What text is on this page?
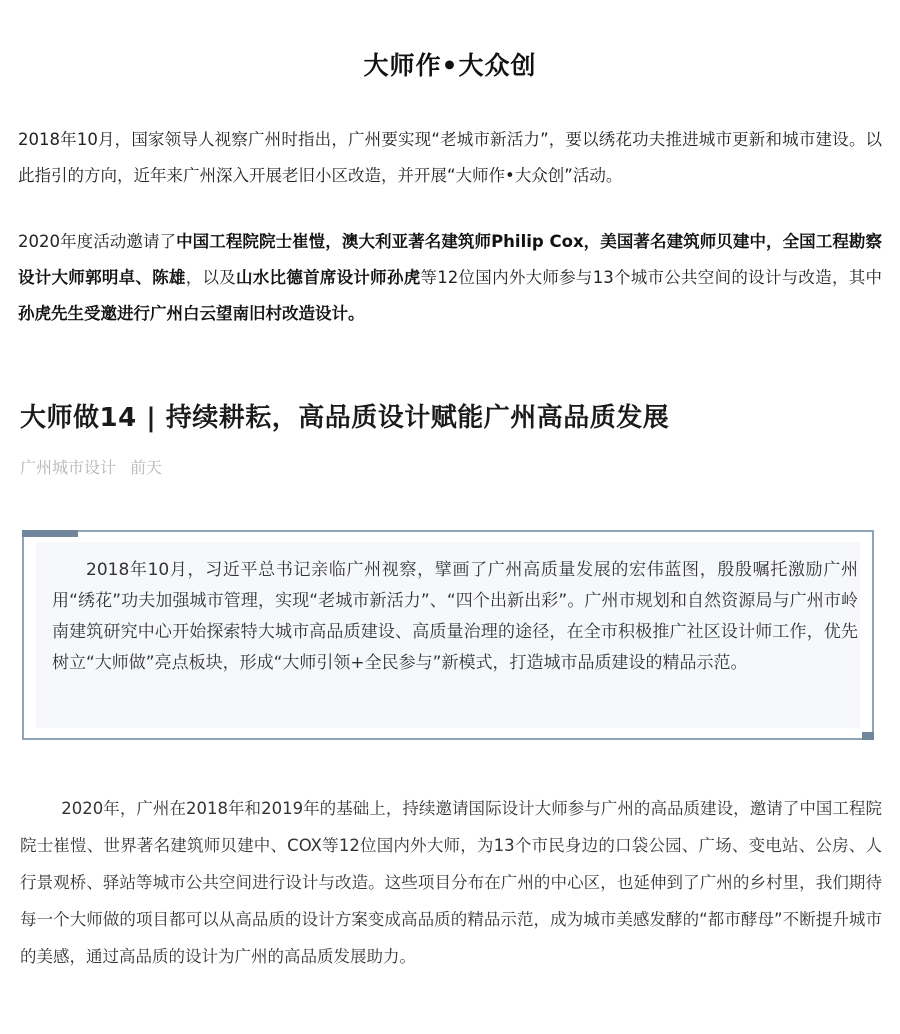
大师作•大众创

2018年10月，国家领导人视察广州时指出，广州要实现“老城市新活力”，要以绣花功夫推进城市更新和城市建设。以此指引的方向，近年来广州深入开展老旧小区改造，并开展“大师作•大众创”活动。

2020年度活动邀请了中国工程院院士崔愷，澳大利亚著名建筑师Philip Cox，美国著名建筑师贝建中，全国工程勘察设计大师郭明卓、陈雄，以及山水比德首席设计师孙虎等12位国内外大师参与13个城市公共空间的设计与改造，其中孙虎先生受邀进行广州白云望南旧村改造设计。

大师做14 | 持续耕耘，高品质设计赋能广州高品质发展
广州城市设计 前天

2018年10月，习近平总书记亲临广州视察，擘画了广州高质量发展的宏伟蓝图，殷殷嘱托激励广州用“绣花”功夫加强城市管理，实现“老城市新活力”、“四个出新出彩”。广州市规划和自然资源局与广州市岭南建筑研究中心开始探索特大城市高品质建设、高质量治理的途径，在全市积极推广社区设计师工作，优先树立“大师做”亮点板块，形成“大师引领+全民参与”新模式，打造城市品质建设的精品示范。

2020年，广州在2018年和2019年的基础上，持续邀请国际设计大师参与广州的高品质建设，邀请了中国工程院院士崔愷、世界著名建筑师贝建中、COX等12位国内外大师，为13个市民身边的口袋公园、广场、变电站、公房、人行景观桥、驿站等城市公共空间进行设计与改造。这些项目分布在广州的中心区，也延伸到了广州的乡村里，我们期待每一个大师做的项目都可以从高品质的设计方案变成高品质的精品示范，成为城市美感发酵的“都市酵母”不断提升城市的美感，通过高品质的设计为广州的高品质发展助力。
